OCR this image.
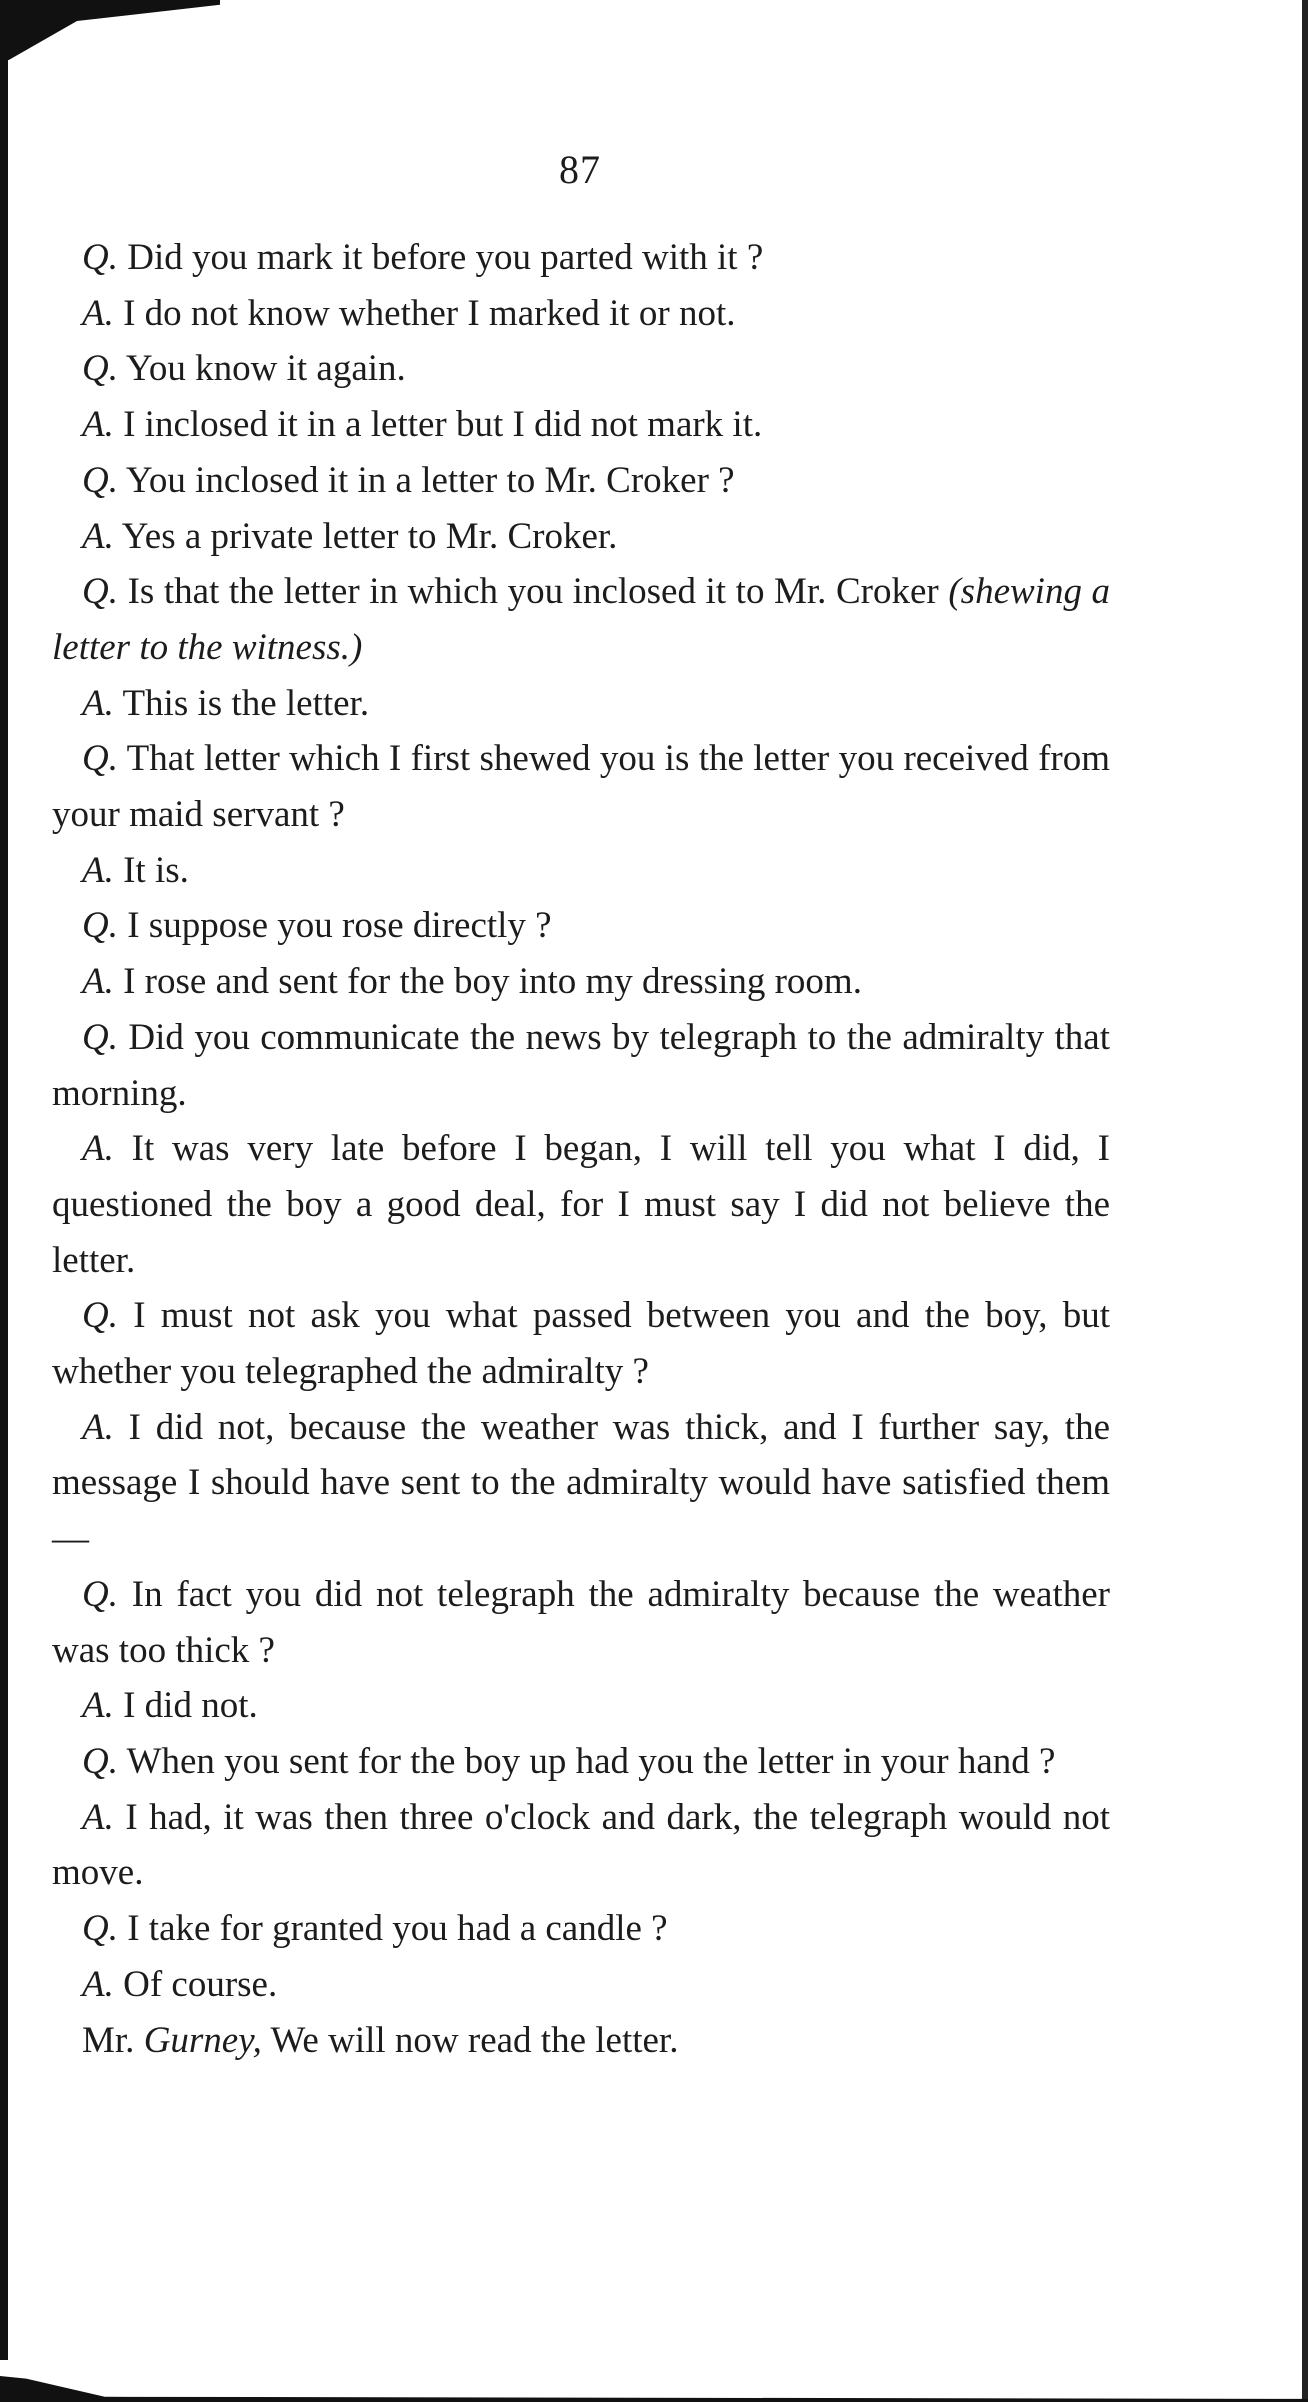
87

Q. Did you mark it before you parted with it ?

A. I do not know whether I marked it or not.

Q. You know it again.

A. I inclosed it in a letter but I did not mark it.

Q. You inclosed it in a letter to Mr. Croker ?

A. Yes a private letter to Mr. Croker.

Q. Is that the letter in which you inclosed it to Mr. Croker (shewing a letter to the witness.)

A. This is the letter.

Q. That letter which I first shewed you is the letter you received from your maid servant ?

A. It is.

Q. I suppose you rose directly ?

A. I rose and sent for the boy into my dressing room.

Q. Did you communicate the news by telegraph to the admiralty that morning.

A. It was very late before I began, I will tell you what I did, I questioned the boy a good deal, for I must say I did not believe the letter.

Q. I must not ask you what passed between you and the boy, but whether you telegraphed the admiralty ?

A. I did not, because the weather was thick, and I further say, the message I should have sent to the admiralty would have satisfied them—

Q. In fact you did not telegraph the admiralty because the weather was too thick ?

A. I did not.

Q. When you sent for the boy up had you the letter in your hand ?

A. I had, it was then three o'clock and dark, the telegraph would not move.

Q. I take for granted you had a candle ?

A. Of course.

Mr. Gurney, We will now read the letter.
